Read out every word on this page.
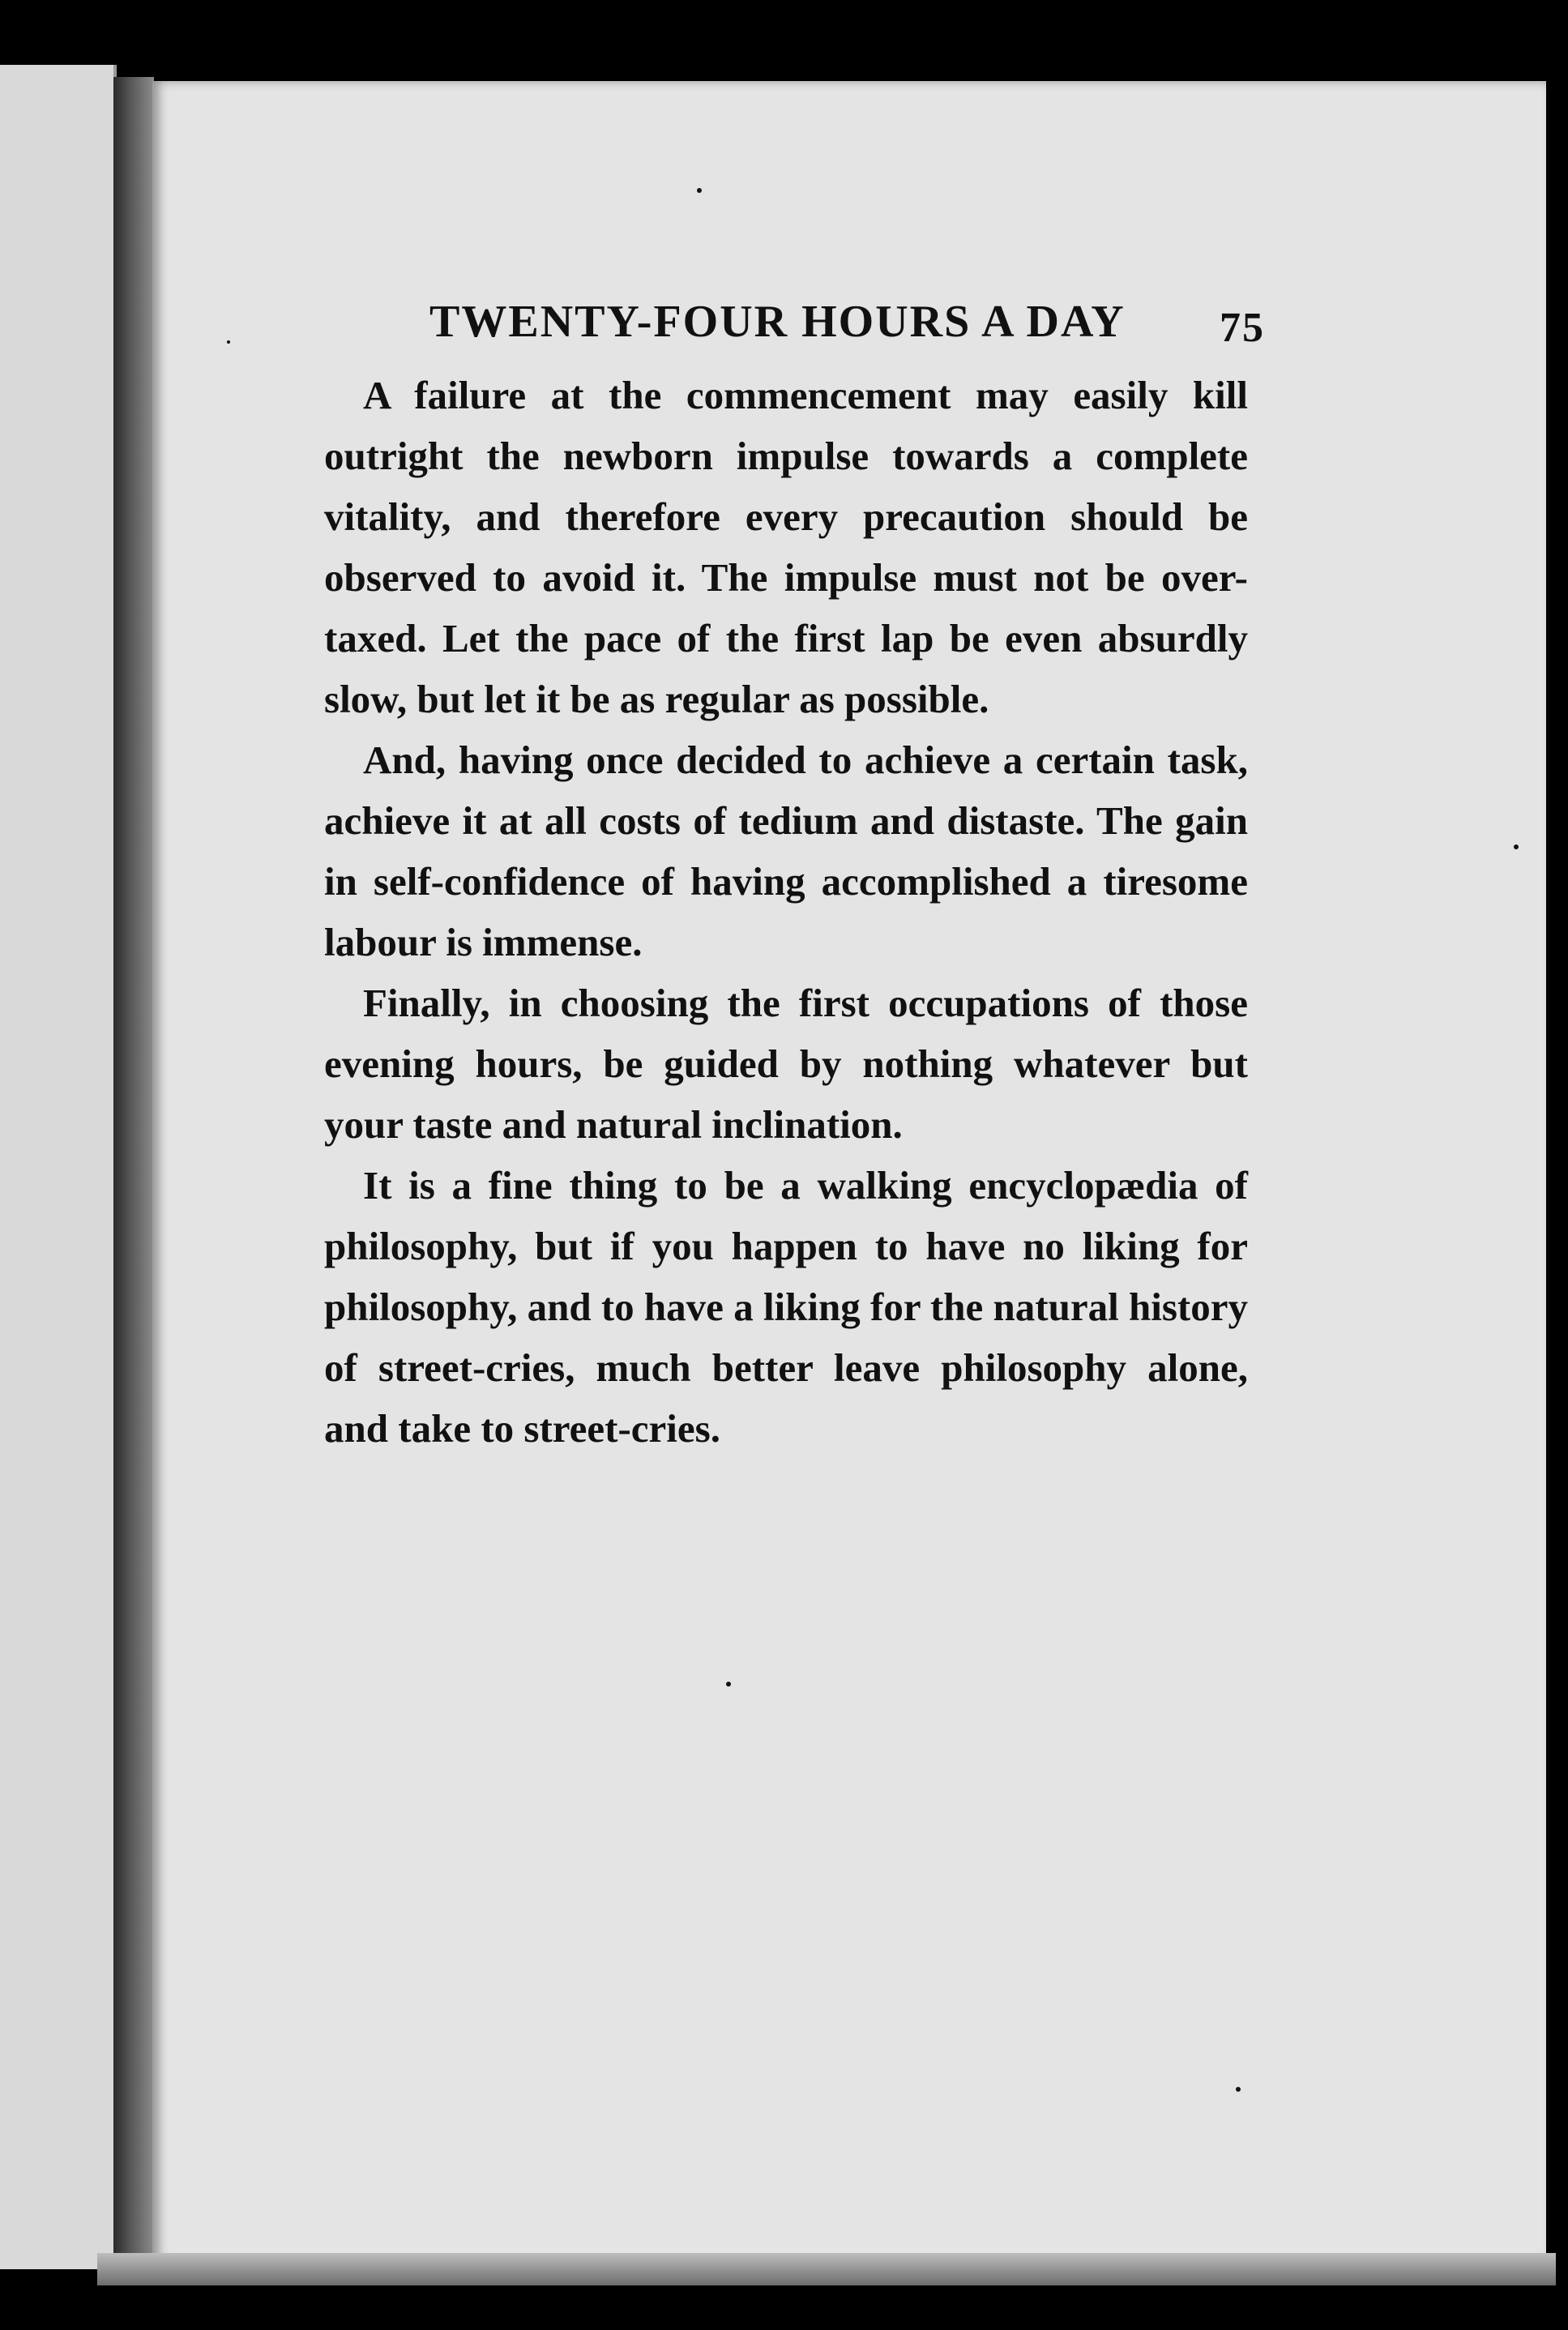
TWENTY-FOUR HOURS A DAY 75

A failure at the commencement may easily kill outright the newborn impulse towards a complete vitality, and therefore every precaution should be observed to avoid it. The impulse must not be over-taxed. Let the pace of the first lap be even absurdly slow, but let it be as regular as possible.

And, having once decided to achieve a certain task, achieve it at all costs of tedium and distaste. The gain in self-confidence of having accomplished a tiresome labour is immense.

Finally, in choosing the first occupations of those evening hours, be guided by nothing whatever but your taste and natural inclination.

It is a fine thing to be a walking encyclopædia of philosophy, but if you happen to have no liking for philosophy, and to have a liking for the natural history of street-cries, much better leave philosophy alone, and take to street-cries.
